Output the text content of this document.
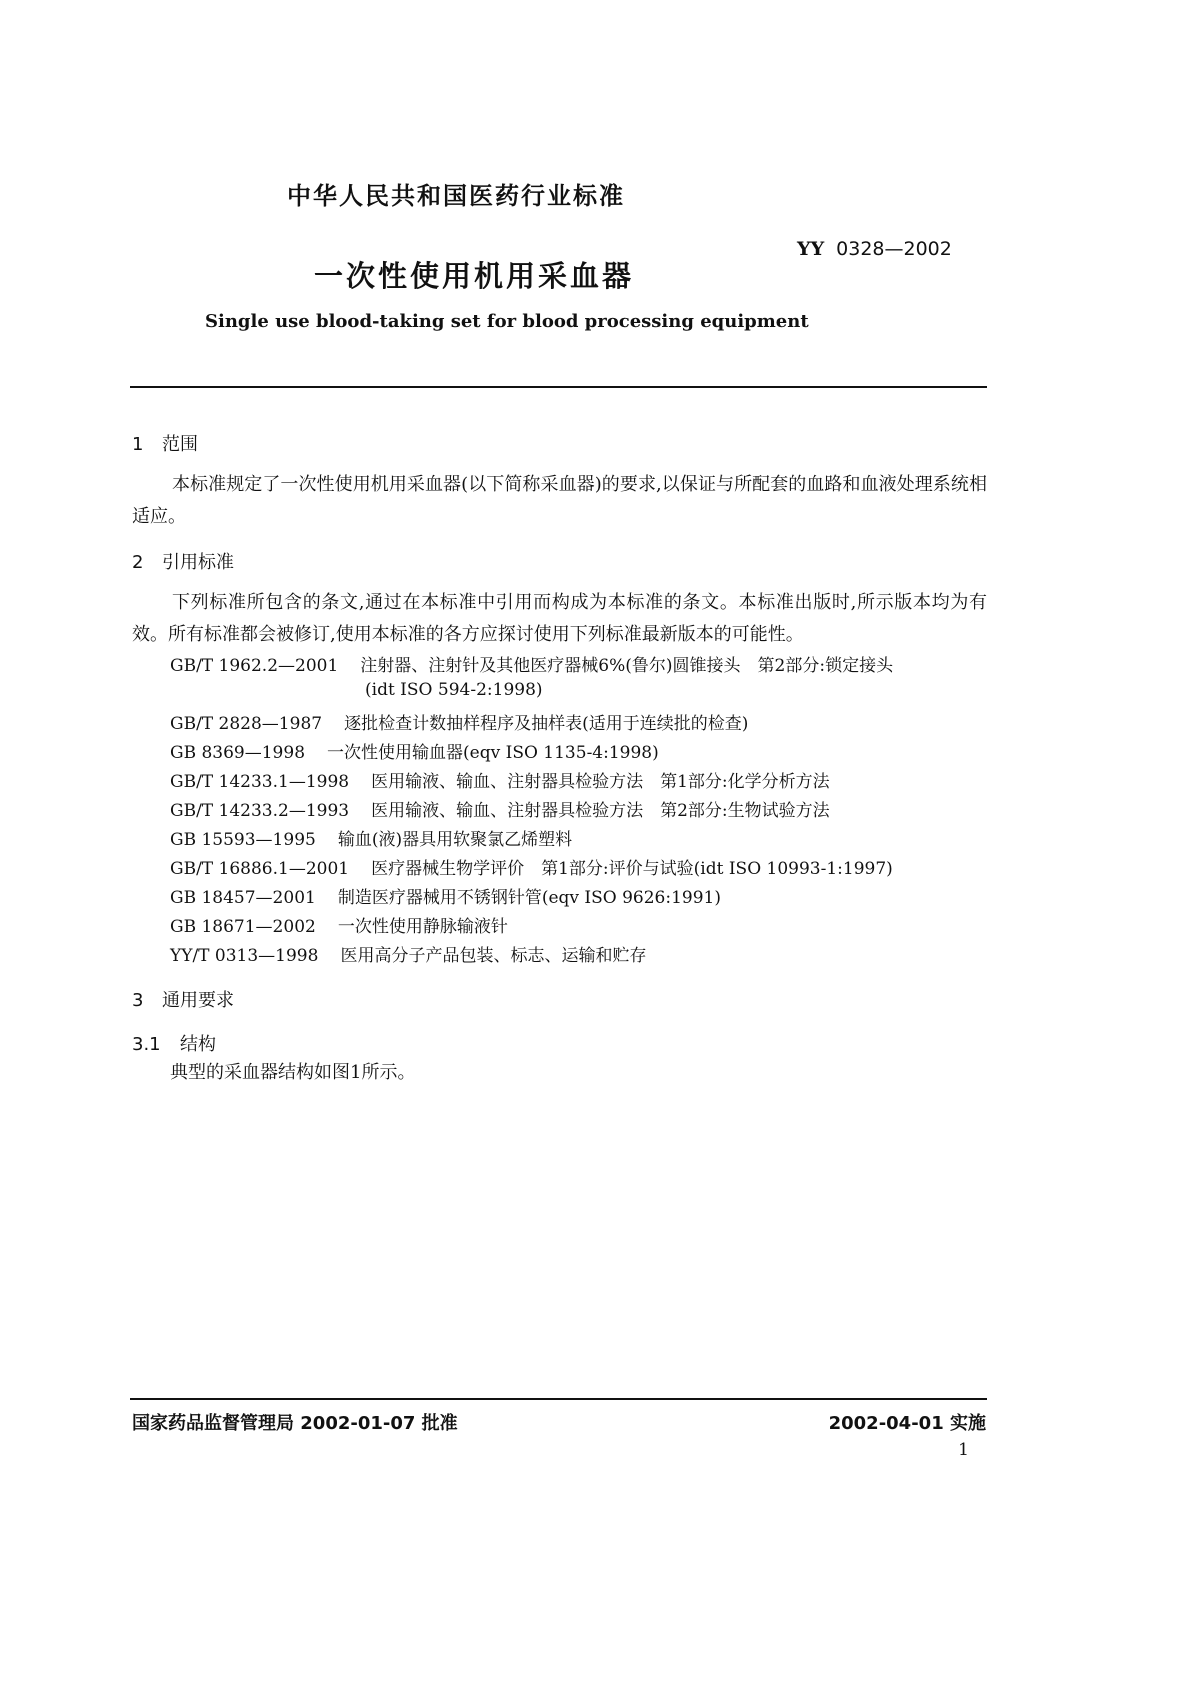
中华人民共和国医药行业标准
YY 0328—2002
一次性使用机用采血器
Single use blood-taking set for blood processing equipment
1 范围
本标准规定了一次性使用机用采血器(以下简称采血器)的要求,以保证与所配套的血路和血液处理系统相适应。
2 引用标准
下列标准所包含的条文,通过在本标准中引用而构成为本标准的条文。本标准出版时,所示版本均为有效。所有标准都会被修订,使用本标准的各方应探讨使用下列标准最新版本的可能性。
GB/T 1962.2—2001 注射器、注射针及其他医疗器械6%(鲁尔)圆锥接头　第2部分:锁定接头
(idt ISO 594-2:1998)
GB/T 2828—1987 逐批检查计数抽样程序及抽样表(适用于连续批的检查)
GB 8369—1998 一次性使用输血器(eqv ISO 1135-4:1998)
GB/T 14233.1—1998 医用输液、输血、注射器具检验方法　第1部分:化学分析方法
GB/T 14233.2—1993 医用输液、输血、注射器具检验方法　第2部分:生物试验方法
GB 15593—1995 输血(液)器具用软聚氯乙烯塑料
GB/T 16886.1—2001 医疗器械生物学评价　第1部分:评价与试验(idt ISO 10993-1:1997)
GB 18457—2001 制造医疗器械用不锈钢针管(eqv ISO 9626:1991)
GB 18671—2002 一次性使用静脉输液针
YY/T 0313—1998 医用高分子产品包装、标志、运输和贮存
3 通用要求
3.1 结构
典型的采血器结构如图1所示。
国家药品监督管理局 2002-01-07 批准	2002-04-01 实施
1
